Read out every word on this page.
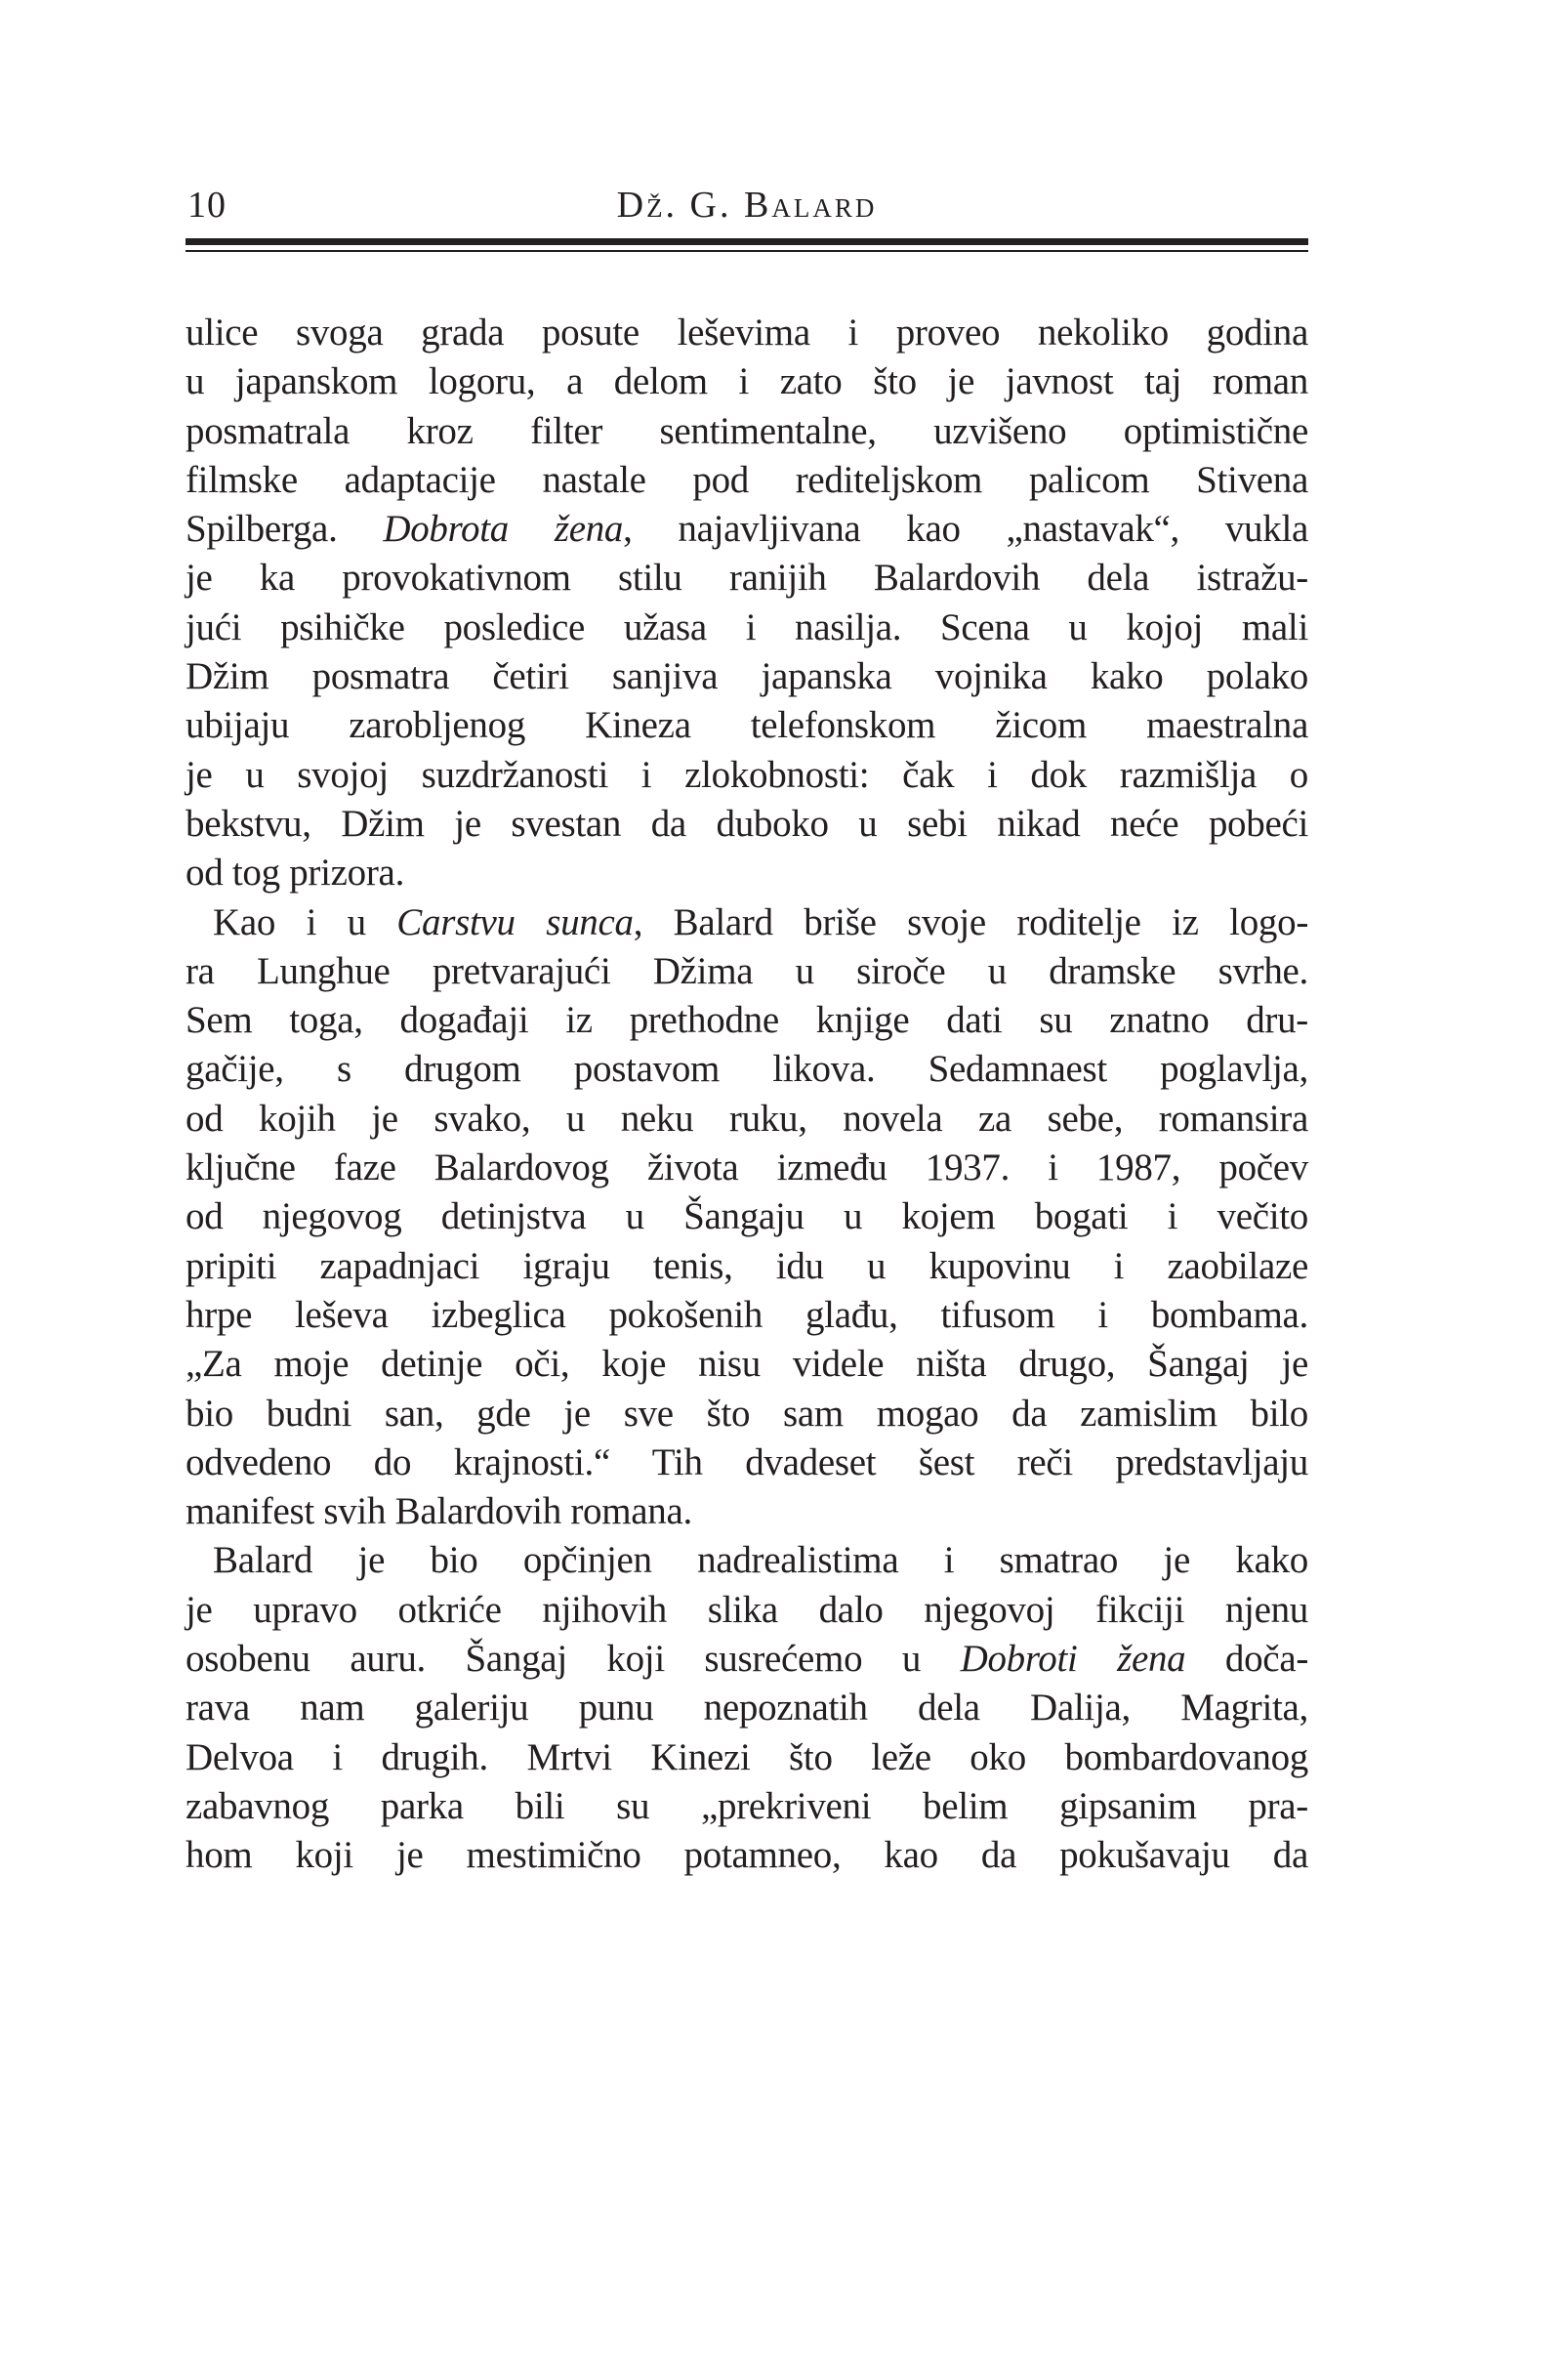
10	Dž. G. Balard
ulice svoga grada posute leševima i proveo nekoliko godina
u japanskom logoru, a delom i zato što je javnost taj roman
posmatrala kroz filter sentimentalne, uzvišeno optimistične
filmske adaptacije nastale pod rediteljskom palicom Stivena
Spilberga. Dobrota žena, najavljivana kao „nastavak“, vukla
je ka provokativnom stilu ranijih Balardovih dela istražu-
jući psihičke posledice užasa i nasilja. Scena u kojoj mali
Džim posmatra četiri sanjiva japanska vojnika kako polako
ubijaju zarobljenog Kineza telefonskom žicom maestralna
je u svojoj suzdržanosti i zlokobnosti: čak i dok razmišlja o
bekstvu, Džim je svestan da duboko u sebi nikad neće pobeći
od tog prizora.
Kao i u Carstvu sunca, Balard briše svoje roditelje iz logo-
ra Lunghue pretvarajući Džima u siroče u dramske svrhe.
Sem toga, događaji iz prethodne knjige dati su znatno dru-
gačije, s drugom postavom likova. Sedamnaest poglavlja,
od kojih je svako, u neku ruku, novela za sebe, romansira
ključne faze Balardovog života između 1937. i 1987, počev
od njegovog detinjstva u Šangaju u kojem bogati i večito
pripiti zapadnjaci igraju tenis, idu u kupovinu i zaobilaze
hrpe leševa izbeglica pokošenih glađu, tifusom i bombama.
„Za moje detinje oči, koje nisu videle ništa drugo, Šangaj je
bio budni san, gde je sve što sam mogao da zamislim bilo
odvedeno do krajnosti.“ Tih dvadeset šest reči predstavljaju
manifest svih Balardovih romana.
Balard je bio opčinjen nadrealistima i smatrao je kako
je upravo otkriće njihovih slika dalo njegovoj fikciji njenu
osobenu auru. Šangaj koji susrećemo u Dobroti žena doča-
rava nam galeriju punu nepoznatih dela Dalija, Magrita,
Delvoa i drugih. Mrtvi Kinezi što leže oko bombardovanog
zabavnog parka bili su „prekriveni belim gipsanim pra-
hom koji je mestimično potamneo, kao da pokušavaju da
